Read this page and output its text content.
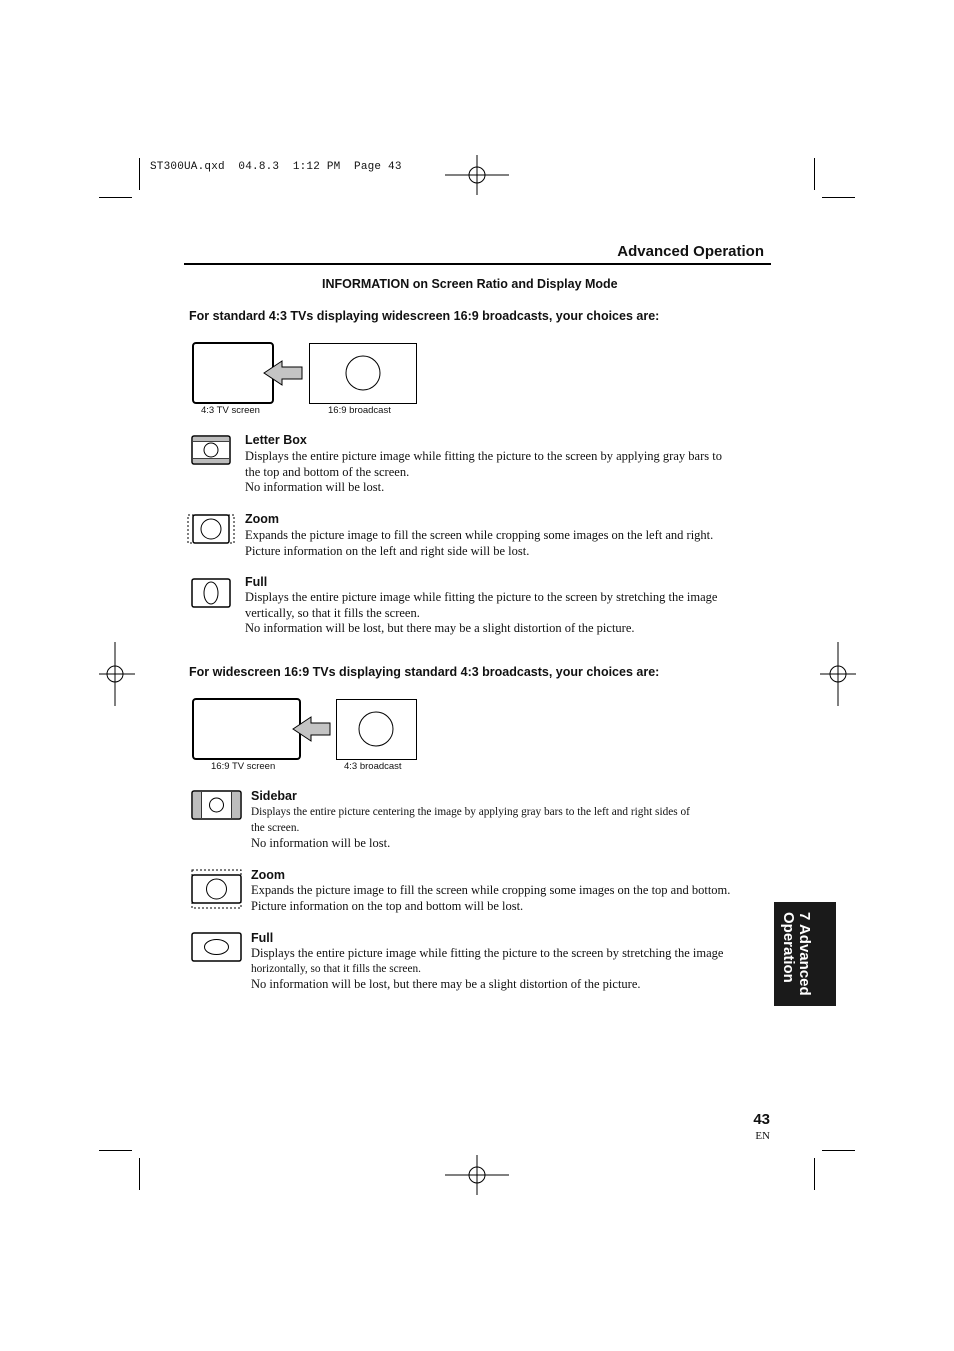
ST300UA.qxd  04.8.3  1:12 PM  Page 43
Advanced Operation
INFORMATION on Screen Ratio and Display Mode
For standard 4:3 TVs displaying widescreen 16:9 broadcasts, your choices are:
4:3 TV screen	16:9 broadcast
Letter Box
Displays the entire picture image while fitting the picture to the screen by applying gray bars to
the top and bottom of the screen.
No information will be lost.
Zoom
Expands the picture image to fill the screen while cropping some images on the left and right.
Picture information on the left and right side will be lost.
Full
Displays the entire picture image while fitting the picture to the screen by stretching the image
vertically, so that it fills the screen.
No information will be lost, but there may be a slight distortion of the picture.
For widescreen 16:9 TVs displaying standard 4:3 broadcasts, your choices are:
16:9 TV screen	4:3 broadcast
Sidebar
Displays the entire picture centering the image by applying gray bars to the left and right sides of
the screen.
No information will be lost.
Zoom
Expands the picture image to fill the screen while cropping some images on the top and bottom.
Picture information on the top and bottom will be lost.
Full
Displays the entire picture image while fitting the picture to the screen by stretching the image
horizontally, so that it fills the screen.
No information will be lost, but there may be a slight distortion of the picture.	7 Advanced
Operation
43
EN
